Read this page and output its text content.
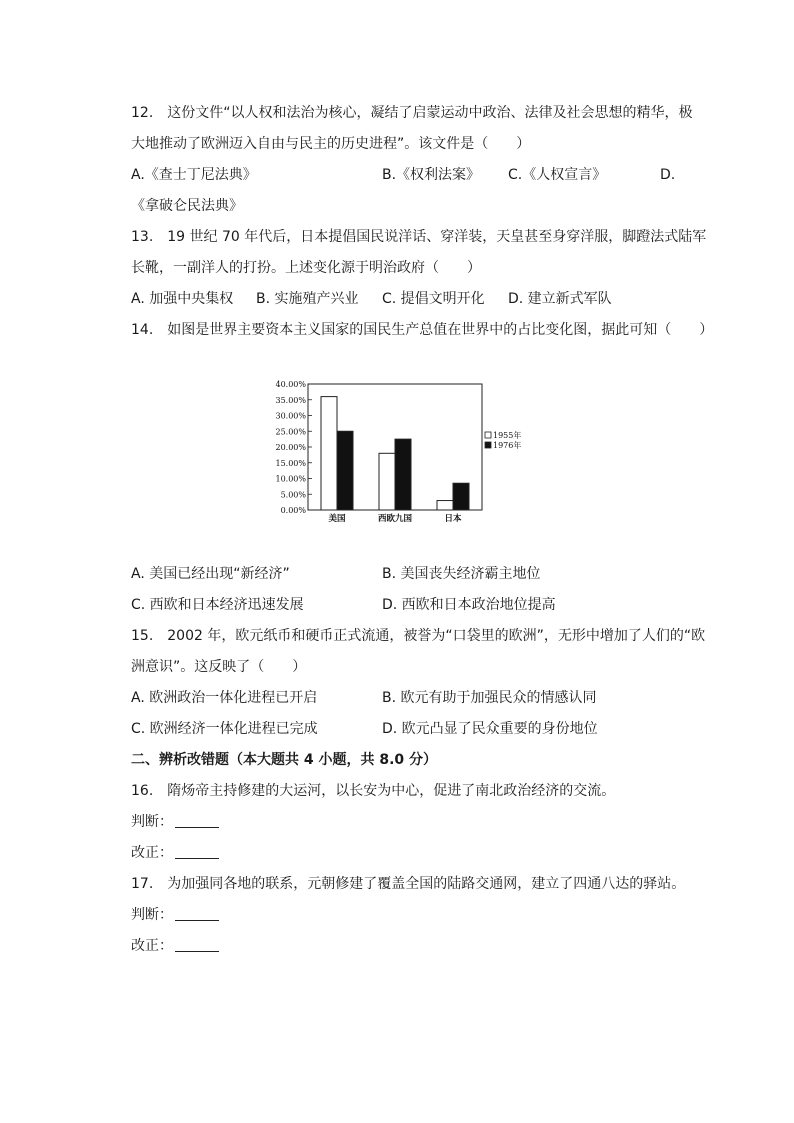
12.　这份文件“以人权和法治为核心，凝结了启蒙运动中政治、法律及社会思想的精华，极
大地推动了欧洲迈入自由与民主的历史进程”。该文件是（　　）
A.《查士丁尼法典》	B.《权利法案》 C.《人权宣言》	D.
《拿破仑民法典》
13.　19 世纪 70 年代后，日本提倡国民说洋话、穿洋装，天皇甚至身穿洋服，脚蹬法式陆军
长靴，一副洋人的打扮。上述变化源于明治政府（　　）
A. 加强中央集权 B. 实施殖产兴业 C. 提倡文明开化 D. 建立新式军队
14.　如图是世界主要资本主义国家的国民生产总值在世界中的占比变化图，据此可知（　　）
0.00%
5.00%
10.00%
15.00%
20.00%
25.00%
30.00%
35.00%
40.00%
美国	西欧九国	日本
1955年
1976年
A. 美国已经出现“新经济”	B. 美国丧失经济霸主地位
C. 西欧和日本经济迅速发展	D. 西欧和日本政治地位提高
15.　2002 年，欧元纸币和硬币正式流通，被誉为“口袋里的欧洲”，无形中增加了人们的“欧
洲意识”。这反映了（　　）
A. 欧洲政治一体化进程已开启	B. 欧元有助于加强民众的情感认同
C. 欧洲经济一体化进程已完成	D. 欧元凸显了民众重要的身份地位
二、辨析改错题（本大题共 4 小题，共 8.0 分）
16.　隋炀帝主持修建的大运河，以长安为中心，促进了南北政治经济的交流。
判断：
改正：
17.　为加强同各地的联系，元朝修建了覆盖全国的陆路交通网，建立了四通八达的驿站。
判断：
改正：
